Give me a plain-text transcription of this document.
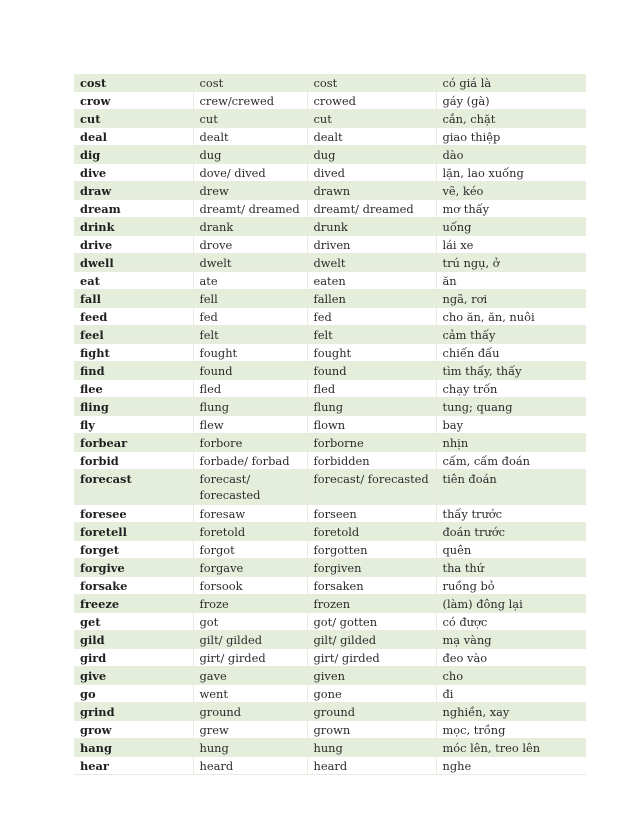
cost	cost	cost	có giá là
crow	crew/crewed	crowed	gáy (gà)
cut	cut	cut	cắn, chặt
deal	dealt	dealt	giao thiệp
dig	dug	dug	dào
dive	dove/ dived	dived	lặn, lao xuống
draw	drew	drawn	vẽ, kéo
dream	dreamt/ dreamed	dreamt/ dreamed	mơ thấy
drink	drank	drunk	uống
drive	drove	driven	lái xe
dwell	dwelt	dwelt	trú ngụ, ở
eat	ate	eaten	ăn
fall	fell	fallen	ngã, rơi
feed	fed	fed	cho ăn, ăn, nuôi
feel	felt	felt	cảm thấy
fight	fought	fought	chiến đấu
find	found	found	tìm thấy, thấy
flee	fled	fled	chạy trốn
fling	flung	flung	tung; quang
fly	flew	flown	bay
forbear	forbore	forborne	nhịn
forbid	forbade/ forbad	forbidden	cấm, cấm đoán
forecast	forecast/ forecasted	forecast/ forecasted	tiên đoán
foresee	foresaw	forseen	thấy trước
foretell	foretold	foretold	đoán trước
forget	forgot	forgotten	quên
forgive	forgave	forgiven	tha thứ
forsake	forsook	forsaken	ruồng bỏ
freeze	froze	frozen	(làm) đông lại
get	got	got/ gotten	có được
gild	gilt/ gilded	gilt/ gilded	mạ vàng
gird	girt/ girded	girt/ girded	đeo vào
give	gave	given	cho
go	went	gone	đi
grind	ground	ground	nghiền, xay
grow	grew	grown	mọc, trồng
hang	hung	hung	móc lên, treo lên
hear	heard	heard	nghe
